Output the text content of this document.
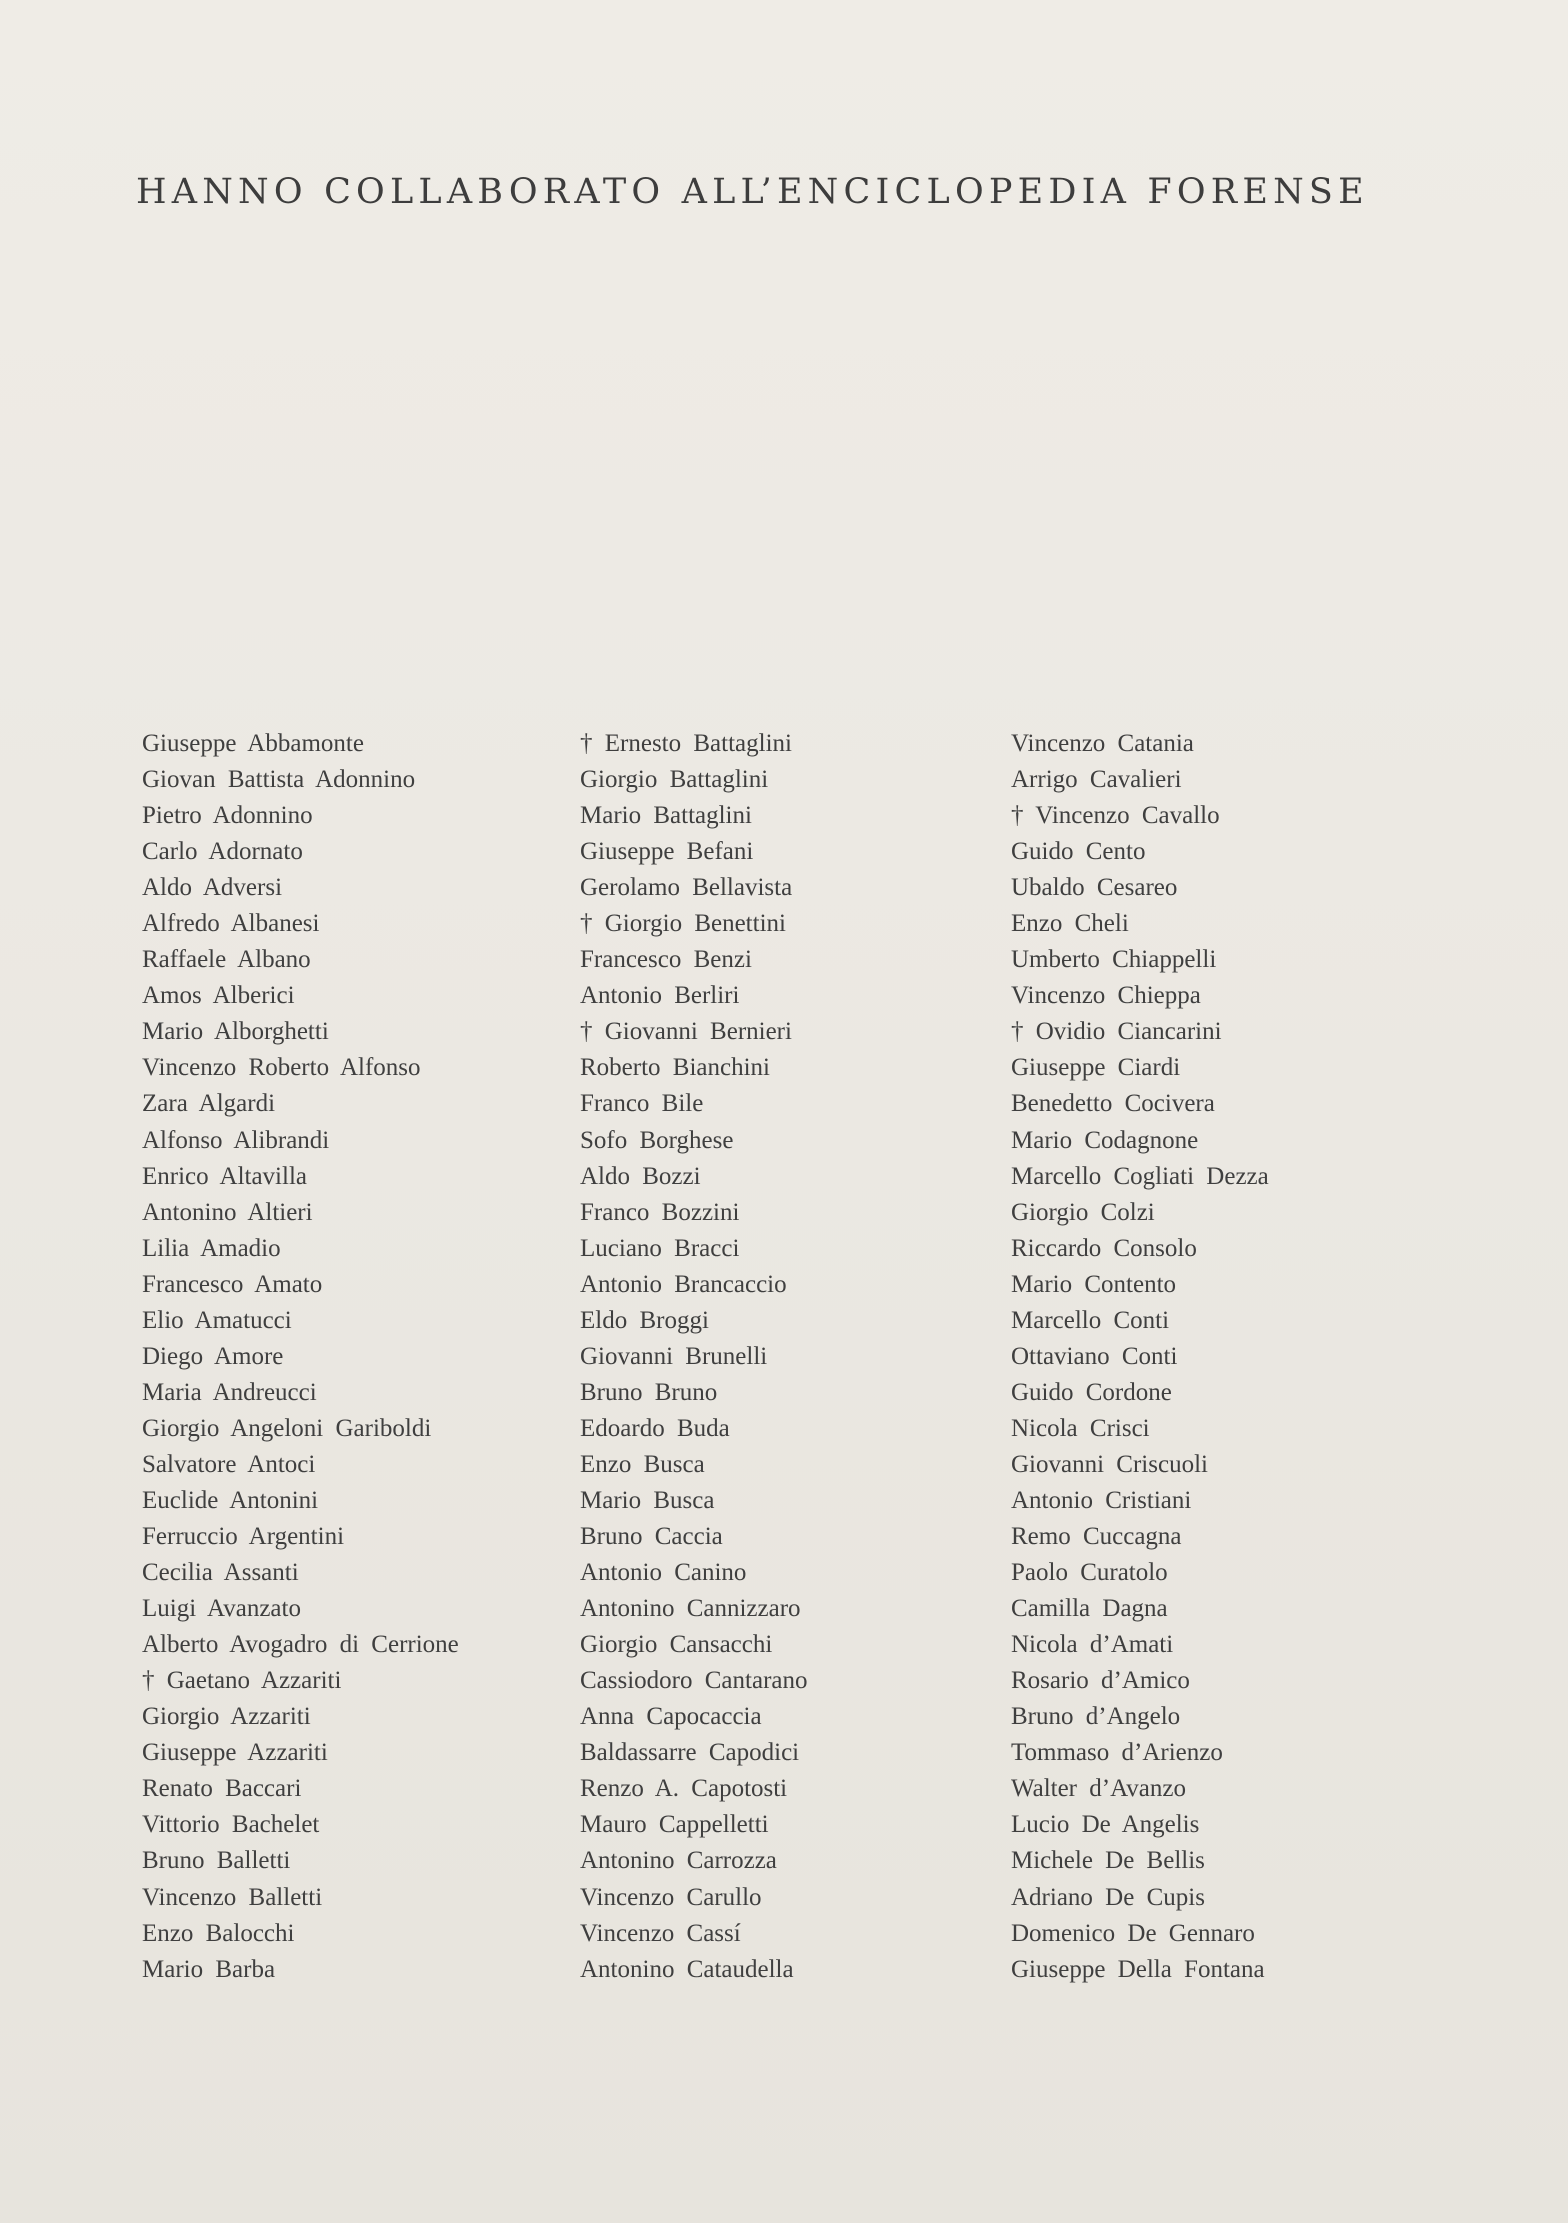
HANNO COLLABORATO ALL’ENCICLOPEDIA FORENSE
Giuseppe Abbamonte
Giovan Battista Adonnino
Pietro Adonnino
Carlo Adornato
Aldo Adversi
Alfredo Albanesi
Raffaele Albano
Amos Alberici
Mario Alborghetti
Vincenzo Roberto Alfonso
Zara Algardi
Alfonso Alibrandi
Enrico Altavilla
Antonino Altieri
Lilia Amadio
Francesco Amato
Elio Amatucci
Diego Amore
Maria Andreucci
Giorgio Angeloni Gariboldi
Salvatore Antoci
Euclide Antonini
Ferruccio Argentini
Cecilia Assanti
Luigi Avanzato
Alberto Avogadro di Cerrione
† Gaetano Azzariti
Giorgio Azzariti
Giuseppe Azzariti
Renato Baccari
Vittorio Bachelet
Bruno Balletti
Vincenzo Balletti
Enzo Balocchi
Mario Barba
† Ernesto Battaglini
Giorgio Battaglini
Mario Battaglini
Giuseppe Befani
Gerolamo Bellavista
† Giorgio Benettini
Francesco Benzi
Antonio Berliri
† Giovanni Bernieri
Roberto Bianchini
Franco Bile
Sofo Borghese
Aldo Bozzi
Franco Bozzini
Luciano Bracci
Antonio Brancaccio
Eldo Broggi
Giovanni Brunelli
Bruno Bruno
Edoardo Buda
Enzo Busca
Mario Busca
Bruno Caccia
Antonio Canino
Antonino Cannizzaro
Giorgio Cansacchi
Cassiodoro Cantarano
Anna Capocaccia
Baldassarre Capodici
Renzo A. Capotosti
Mauro Cappelletti
Antonino Carrozza
Vincenzo Carullo
Vincenzo Cassí
Antonino Cataudella
Vincenzo Catania
Arrigo Cavalieri
† Vincenzo Cavallo
Guido Cento
Ubaldo Cesareo
Enzo Cheli
Umberto Chiappelli
Vincenzo Chieppa
† Ovidio Ciancarini
Giuseppe Ciardi
Benedetto Cocivera
Mario Codagnone
Marcello Cogliati Dezza
Giorgio Colzi
Riccardo Consolo
Mario Contento
Marcello Conti
Ottaviano Conti
Guido Cordone
Nicola Crisci
Giovanni Criscuoli
Antonio Cristiani
Remo Cuccagna
Paolo Curatolo
Camilla Dagna
Nicola d’Amati
Rosario d’Amico
Bruno d’Angelo
Tommaso d’Arienzo
Walter d’Avanzo
Lucio De Angelis
Michele De Bellis
Adriano De Cupis
Domenico De Gennaro
Giuseppe Della Fontana
